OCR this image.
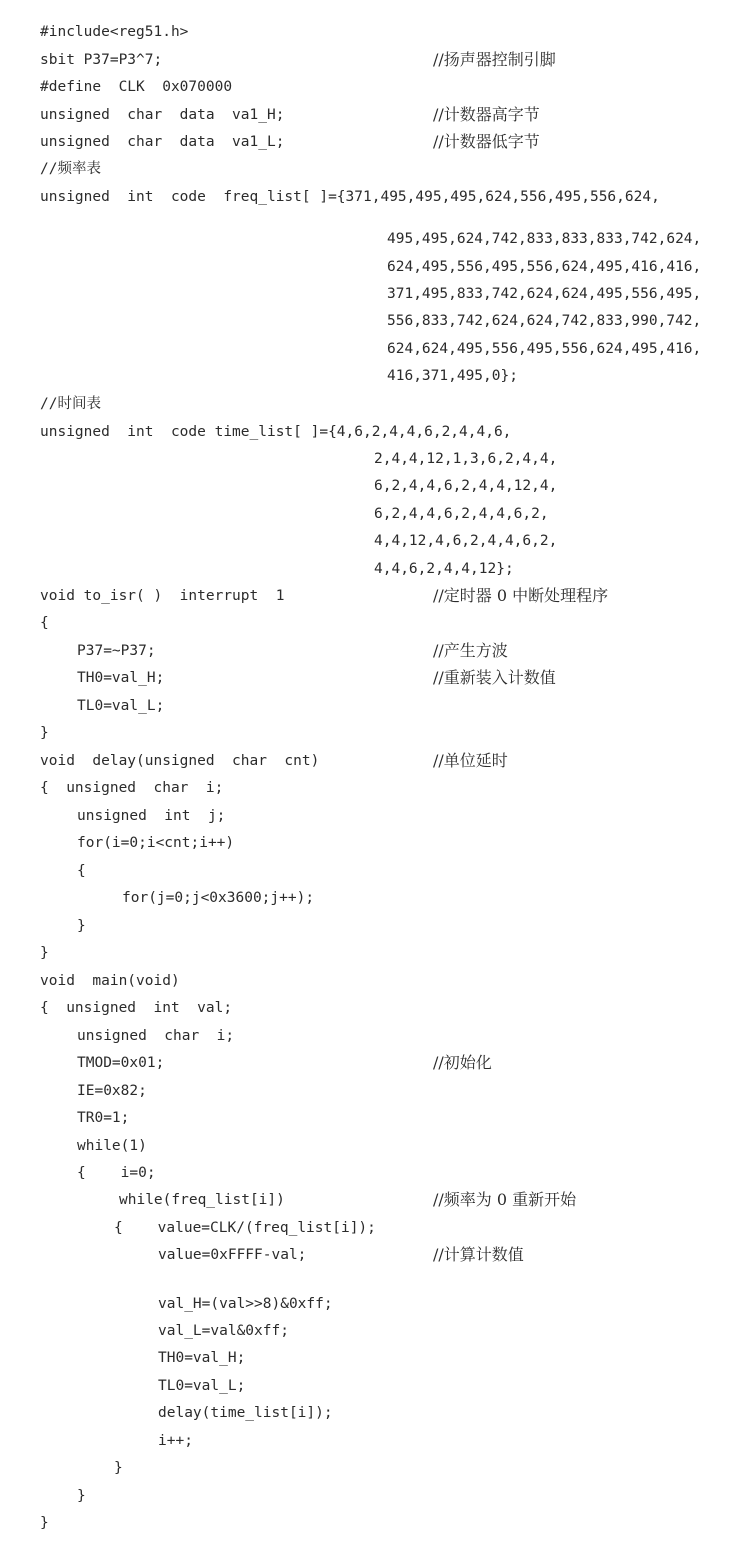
#include<reg51.h>
sbit P37=P3^7;	//扬声器控制引脚
#define  CLK  0x070000
unsigned  char  data  va1_H;	//计数器高字节
unsigned  char  data  va1_L;	//计数器低字节
//频率表
unsigned  int  code  freq_list[ ]={371,495,495,495,624,556,495,556,624,
495,495,624,742,833,833,833,742,624,
624,495,556,495,556,624,495,416,416,
371,495,833,742,624,624,495,556,495,
556,833,742,624,624,742,833,990,742,
624,624,495,556,495,556,624,495,416,
416,371,495,0};
//时间表
unsigned  int  code time_list[ ]={4,6,2,4,4,6,2,4,4,6,
2,4,4,12,1,3,6,2,4,4,
6,2,4,4,6,2,4,4,12,4,
6,2,4,4,6,2,4,4,6,2,
4,4,12,4,6,2,4,4,6,2,
4,4,6,2,4,4,12};
void to_isr( )  interrupt  1	//定时器 0 中断处理程序
{
P37=~P37;	//产生方波
TH0=val_H;	//重新装入计数值
TL0=val_L;
}
void  delay(unsigned  char  cnt)	//单位延时
{  unsigned  char  i;
unsigned  int  j;
for(i=0;i<cnt;i++)
{
for(j=0;j<0x3600;j++);
}
}
void  main(void)
{  unsigned  int  val;
unsigned  char  i;
TMOD=0x01;	//初始化
IE=0x82;
TR0=1;
while(1)
{    i=0;
while(freq_list[i])	//频率为 0 重新开始
{    value=CLK/(freq_list[i]);
value=0xFFFF-val;	//计算计数值
val_H=(val>>8)&0xff;
val_L=val&0xff;
TH0=val_H;
TL0=val_L;
delay(time_list[i]);
i++;
}
}
}
